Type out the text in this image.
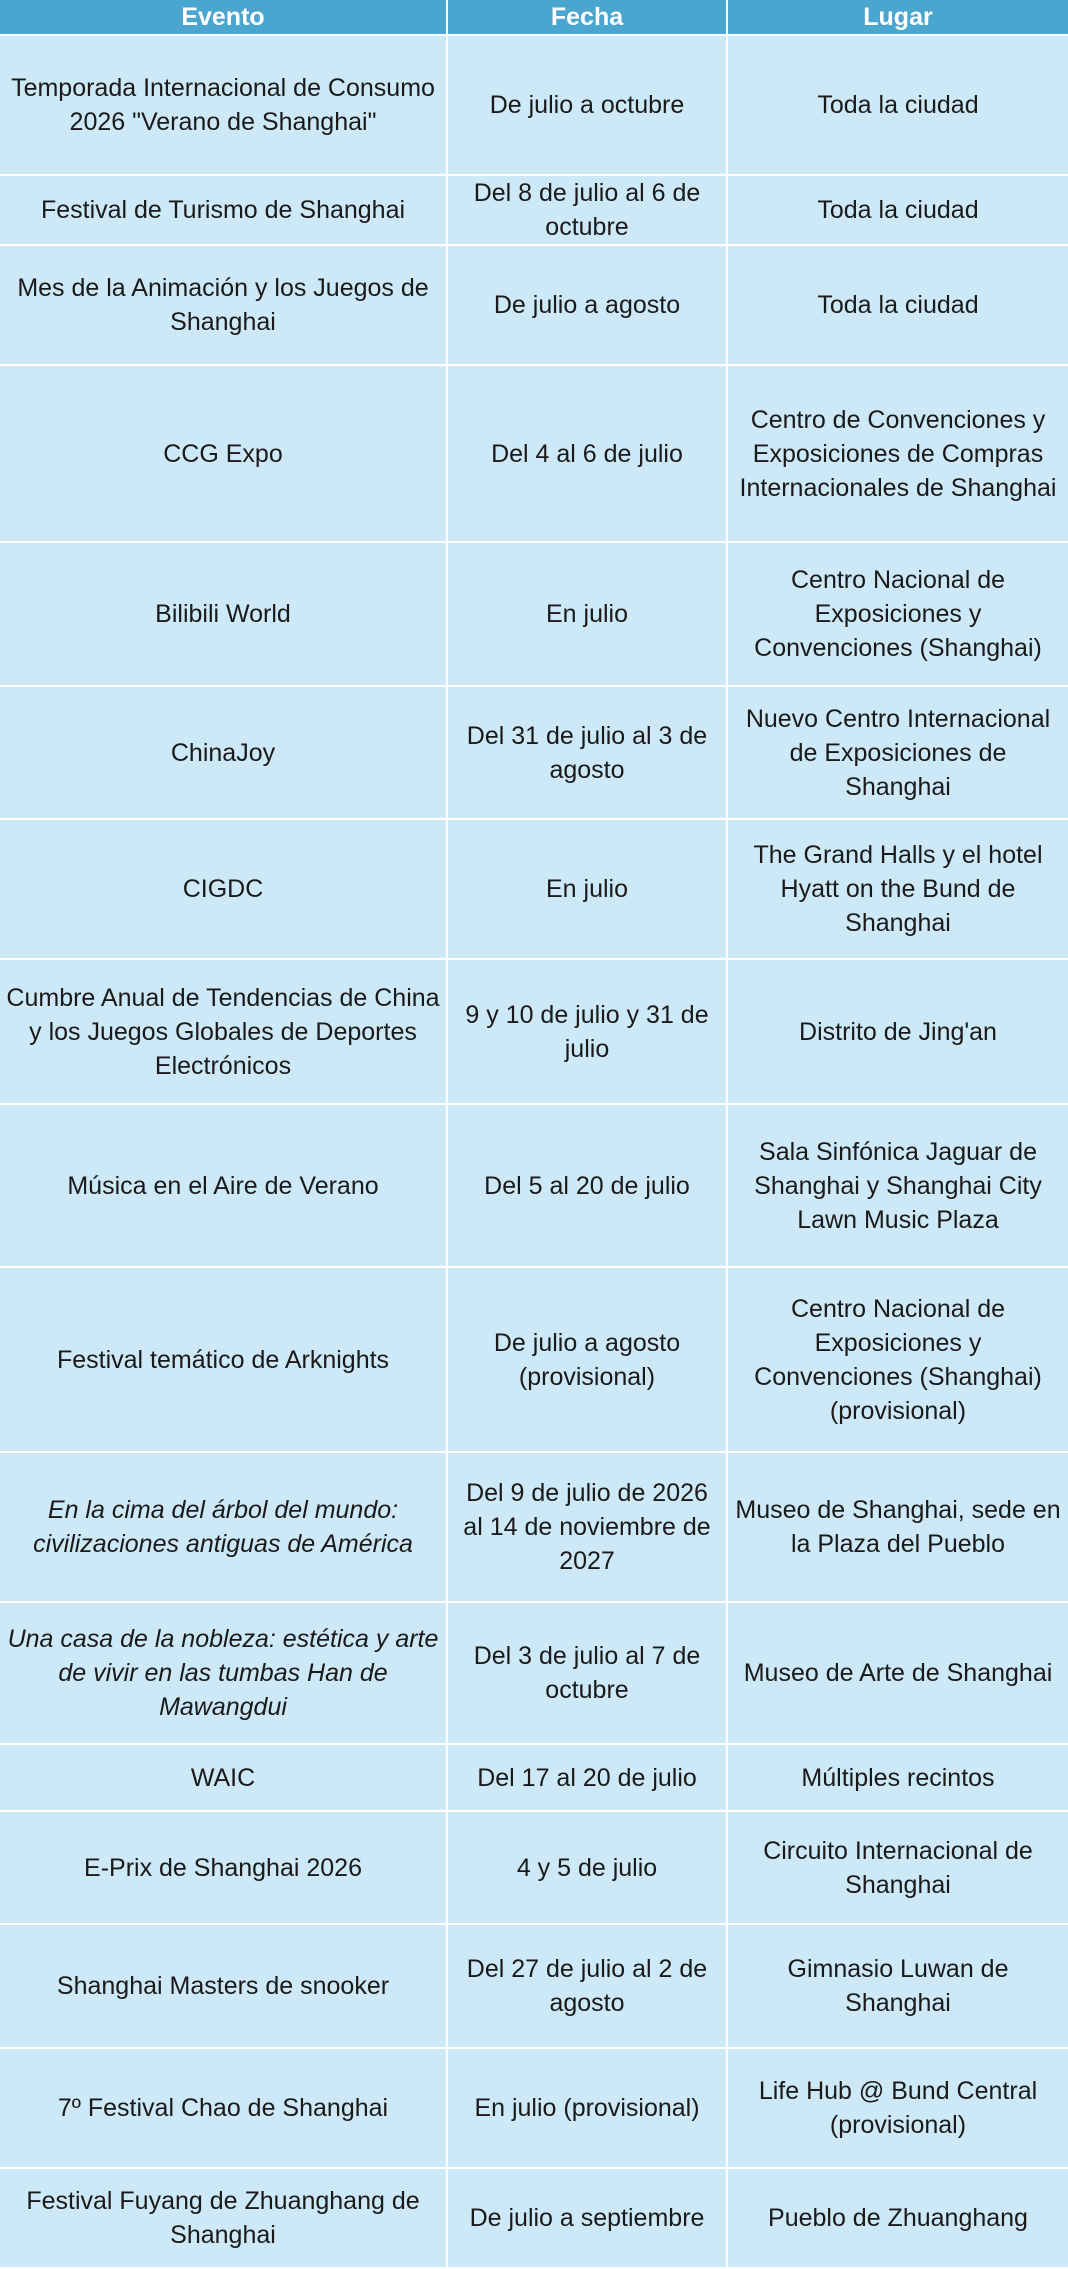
Evento	Fecha	Lugar
Temporada Internacional de Consumo 2026 "Verano de Shanghai"	De julio a octubre	Toda la ciudad
Festival de Turismo de Shanghai	Del 8 de julio al 6 de octubre	Toda la ciudad
Mes de la Animación y los Juegos de Shanghai	De julio a agosto	Toda la ciudad
CCG Expo	Del 4 al 6 de julio	Centro de Convenciones y Exposiciones de Compras Internacionales de Shanghai
Bilibili World	En julio	Centro Nacional de Exposiciones y Convenciones (Shanghai)
ChinaJoy	Del 31 de julio al 3 de agosto	Nuevo Centro Internacional de Exposiciones de Shanghai
CIGDC	En julio	The Grand Halls y el hotel Hyatt on the Bund de Shanghai
Cumbre Anual de Tendencias de China y los Juegos Globales de Deportes Electrónicos	9 y 10 de julio y 31 de julio	Distrito de Jing'an
Música en el Aire de Verano	Del 5 al 20 de julio	Sala Sinfónica Jaguar de Shanghai y Shanghai City Lawn Music Plaza
Festival temático de Arknights	De julio a agosto (provisional)	Centro Nacional de Exposiciones y Convenciones (Shanghai) (provisional)
En la cima del árbol del mundo: civilizaciones antiguas de América	Del 9 de julio de 2026 al 14 de noviembre de 2027	Museo de Shanghai, sede en la Plaza del Pueblo
Una casa de la nobleza: estética y arte de vivir en las tumbas Han de Mawangdui	Del 3 de julio al 7 de octubre	Museo de Arte de Shanghai
WAIC	Del 17 al 20 de julio	Múltiples recintos
E-Prix de Shanghai 2026	4 y 5 de julio	Circuito Internacional de Shanghai
Shanghai Masters de snooker	Del 27 de julio al 2 de agosto	Gimnasio Luwan de Shanghai
7º Festival Chao de Shanghai	En julio (provisional)	Life Hub @ Bund Central (provisional)
Festival Fuyang de Zhuanghang de Shanghai	De julio a septiembre	Pueblo de Zhuanghang
